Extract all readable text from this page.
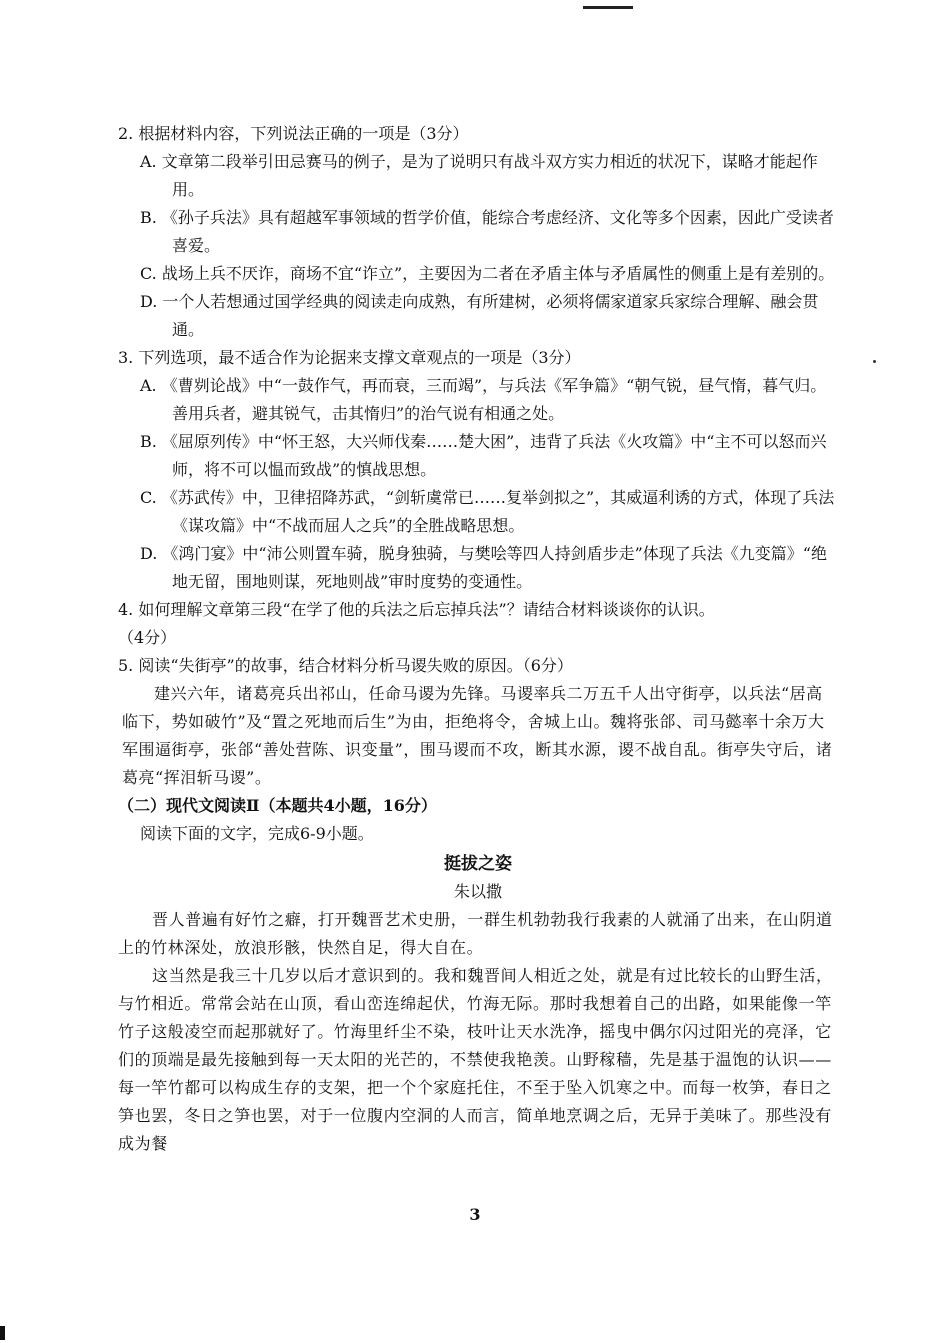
2. 根据材料内容，下列说法正确的一项是（3分）

A. 文章第二段举引田忌赛马的例子，是为了说明只有战斗双方实力相近的状况下，谋略才能起作用。

B. 《孙子兵法》具有超越军事领域的哲学价值，能综合考虑经济、文化等多个因素，因此广受读者喜爱。

C. 战场上兵不厌诈，商场不宜“诈立”，主要因为二者在矛盾主体与矛盾属性的侧重上是有差别的。

D. 一个人若想通过国学经典的阅读走向成熟，有所建树，必须将儒家道家兵家综合理解、融会贯通。

3. 下列选项，最不适合作为论据来支撑文章观点的一项是（3分）

A. 《曹刿论战》中“一鼓作气，再而衰，三而竭”，与兵法《军争篇》“朝气锐，昼气惰，暮气归。善用兵者，避其锐气，击其惰归”的治气说有相通之处。

B. 《屈原列传》中“怀王怒，大兴师伐秦……楚大困”，违背了兵法《火攻篇》中“主不可以怒而兴师，将不可以愠而致战”的慎战思想。

C. 《苏武传》中，卫律招降苏武，“剑斩虞常已……复举剑拟之”，其威逼利诱的方式，体现了兵法《谋攻篇》中“不战而屈人之兵”的全胜战略思想。

D. 《鸿门宴》中“沛公则置车骑，脱身独骑，与樊哙等四人持剑盾步走”体现了兵法《九变篇》“绝地无留，围地则谋，死地则战”审时度势的变通性。

4. 如何理解文章第三段“在学了他的兵法之后忘掉兵法”？请结合材料谈谈你的认识。

（4分）

5. 阅读“失街亭”的故事，结合材料分析马谡失败的原因。（6分）

建兴六年，诸葛亮兵出祁山，任命马谡为先锋。马谡率兵二万五千人出守街亭，以兵法“居高临下，势如破竹”及“置之死地而后生”为由，拒绝将令，舍城上山。魏将张郃、司马懿率十余万大军围逼街亭，张郃“善处营陈、识变量”，围马谡而不攻，断其水源，谡不战自乱。街亭失守后，诸葛亮“挥泪斩马谡”。

（二）现代文阅读Ⅱ（本题共4小题，16分）

阅读下面的文字，完成6-9小题。

挺拔之姿

朱以撒

晋人普遍有好竹之癖，打开魏晋艺术史册，一群生机勃勃我行我素的人就涌了出来，在山阴道上的竹林深处，放浪形骸，快然自足，得大自在。

这当然是我三十几岁以后才意识到的。我和魏晋间人相近之处，就是有过比较长的山野生活，与竹相近。常常会站在山顶，看山峦连绵起伏，竹海无际。那时我想着自己的出路，如果能像一竿竹子这般凌空而起那就好了。竹海里纤尘不染，枝叶让天水洗净，摇曳中偶尔闪过阳光的亮泽，它们的顶端是最先接触到每一天太阳的光芒的，不禁使我艳羡。山野稼穑，先是基于温饱的认识——每一竿竹都可以构成生存的支架，把一个个家庭托住，不至于坠入饥寒之中。而每一枚笋，春日之笋也罢，冬日之笋也罢，对于一位腹内空洞的人而言，简单地烹调之后，无异于美味了。那些没有成为餐

3
